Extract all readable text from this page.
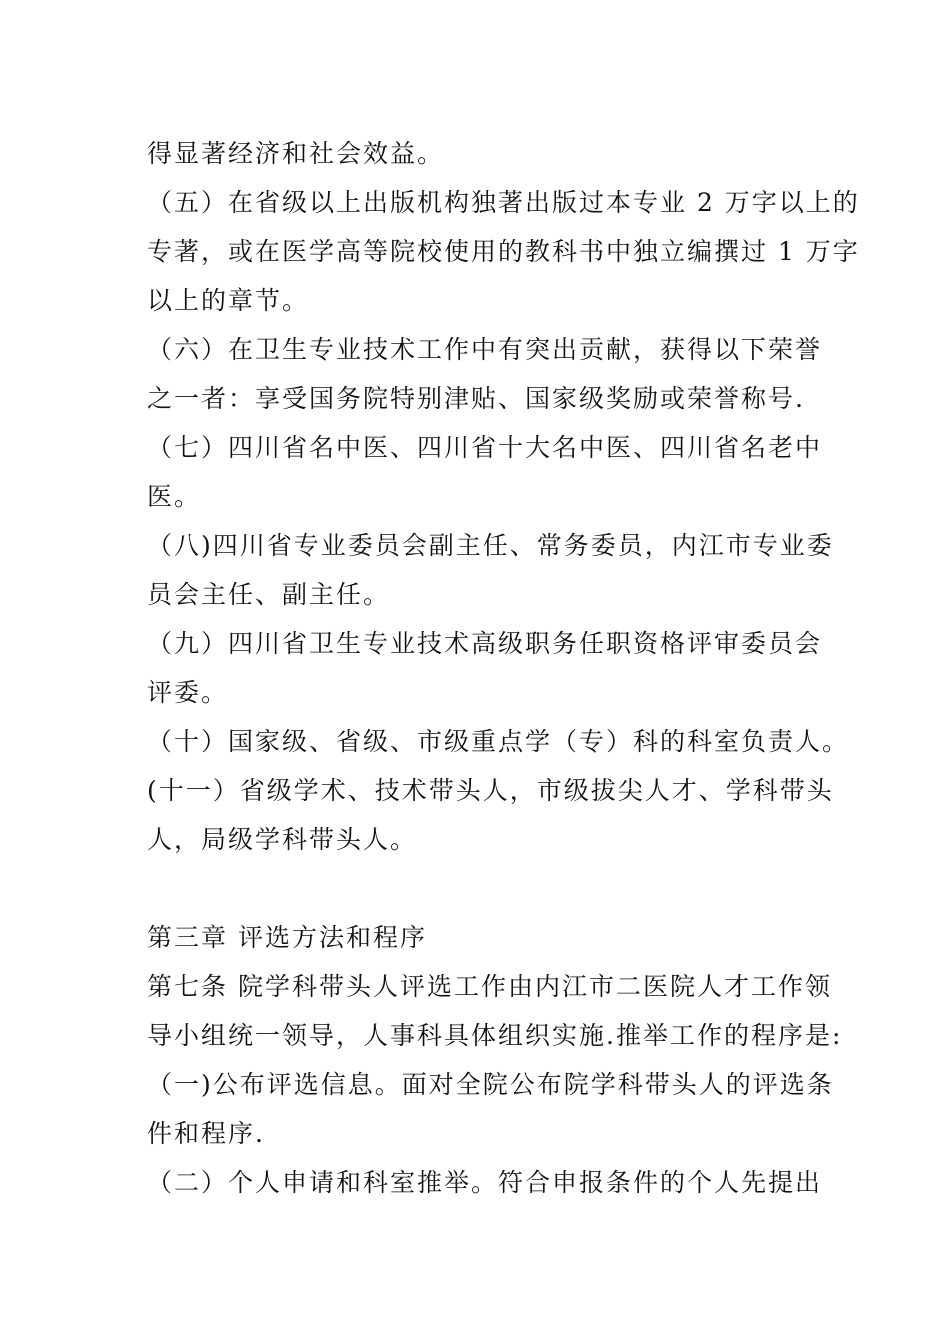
得显著经济和社会效益。
（五）在省级以上出版机构独著出版过本专业 2 万字以上的
专著，或在医学高等院校使用的教科书中独立编撰过 1 万字
以上的章节。
（六）在卫生专业技术工作中有突出贡献，获得以下荣誉
之一者：享受国务院特别津贴、国家级奖励或荣誉称号.
（七）四川省名中医、四川省十大名中医、四川省名老中
医。
（八)四川省专业委员会副主任、常务委员，内江市专业委
员会主任、副主任。
（九）四川省卫生专业技术高级职务任职资格评审委员会
评委。
（十）国家级、省级、市级重点学（专）科的科室负责人。
(十一）省级学术、技术带头人，市级拔尖人才、学科带头
人，局级学科带头人。
第三章 评选方法和程序
第七条 院学科带头人评选工作由内江市二医院人才工作领
导小组统一领导，人事科具体组织实施.推举工作的程序是:
（一)公布评选信息。面对全院公布院学科带头人的评选条
件和程序.
（二）个人申请和科室推举。符合申报条件的个人先提出
